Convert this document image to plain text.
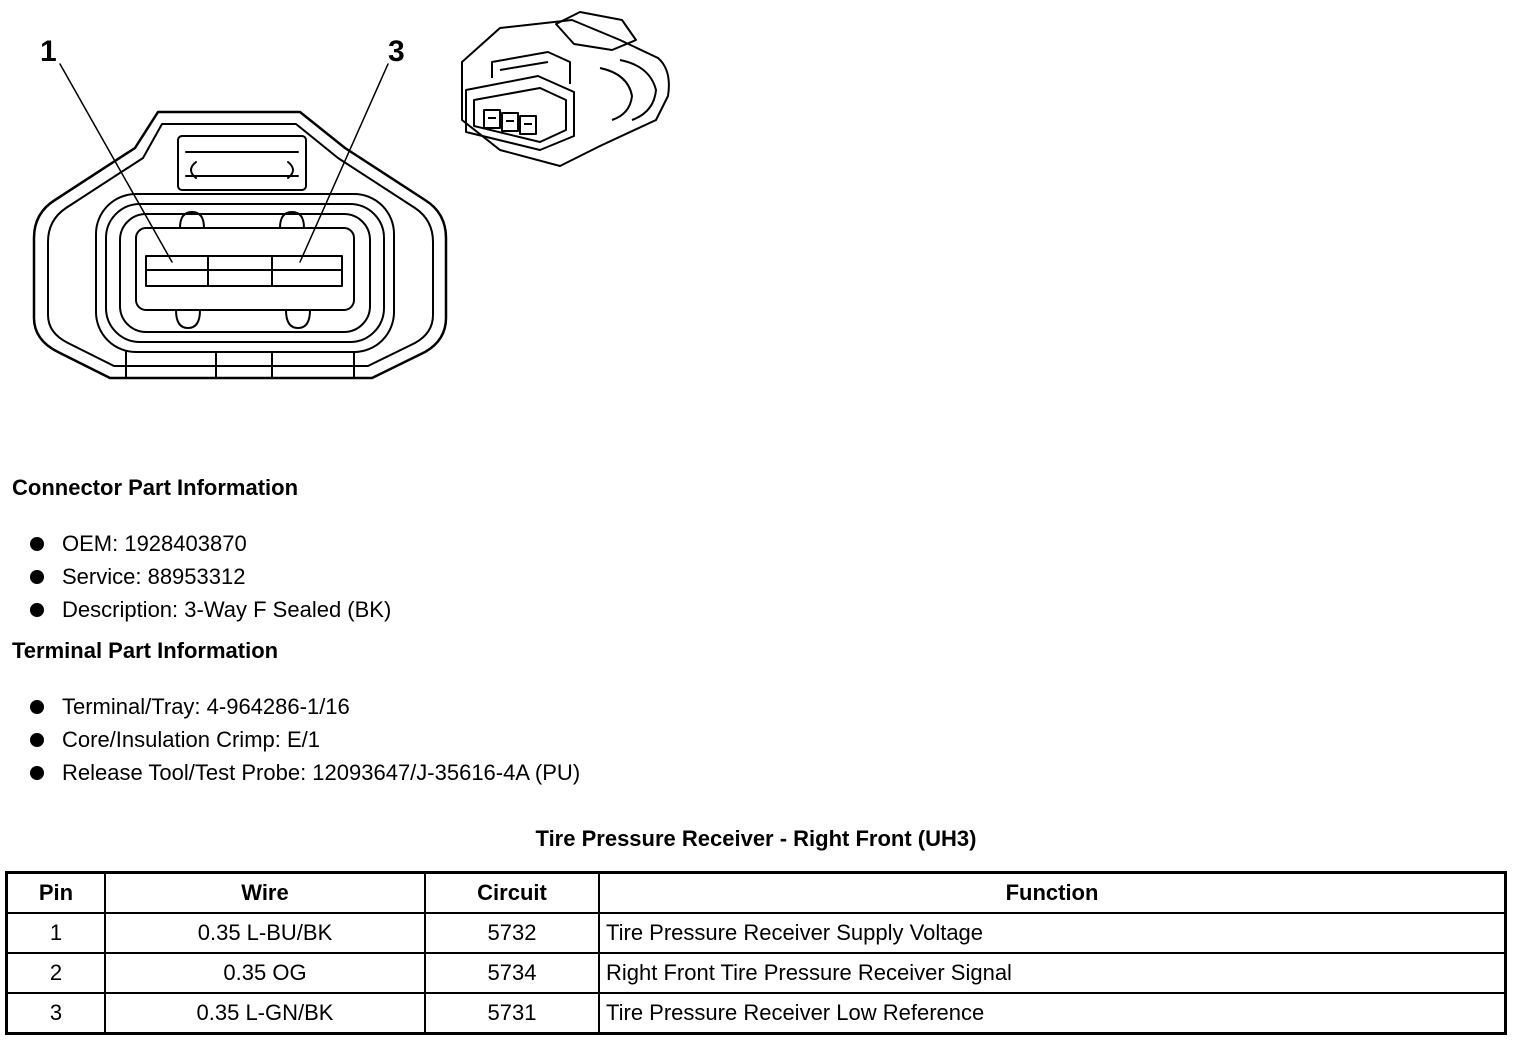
1	3
Connector Part Information
OEM: 1928403870
Service: 88953312
Description: 3-Way F Sealed (BK)
Terminal Part Information
Terminal/Tray: 4-964286-1/16
Core/Insulation Crimp: E/1
Release Tool/Test Probe: 12093647/J-35616-4A (PU)
Tire Pressure Receiver - Right Front (UH3)
Pin	Wire	Circuit	Function
1	0.35 L-BU/BK	5732	Tire Pressure Receiver Supply Voltage
2	0.35 OG	5734	Right Front Tire Pressure Receiver Signal
3	0.35 L-GN/BK	5731	Tire Pressure Receiver Low Reference
